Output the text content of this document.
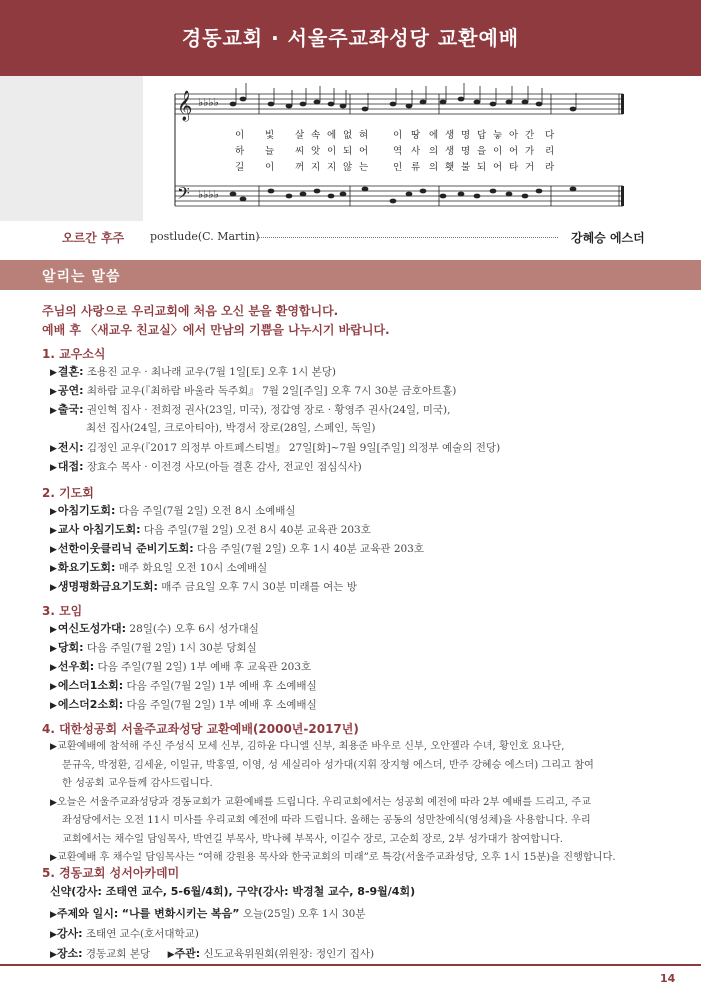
경동교회 · 서울주교좌성당 교환예배
𝄞
𝄢
♭♭♭♭
♭♭♭♭
이 빛 살 속 에 없 혀	이 땅 에 생 명 답 늫 아 간 다
하 늘 씨 앗 이 되 어	역 사 의 생 명 을 이 어 가 리
길 이 꺼 지 지 않 는	인 류 의 횃 불 되 어 타 거 라
오르간 후주 postlude(C. Martin)	강혜승 에스더
알리는 말씀
주님의 사랑으로 우리교회에 처음 오신 분을 환영합니다.
예배 후 〈새교우 친교실〉에서 만남의 기쁨을 나누시기 바랍니다.
1. 교우소식
▶결혼: 조용진 교우 · 최나래 교우(7월 1일[토] 오후 1시 본당)
▶공연: 최하람 교우(『최하람 바울라 독주회』 7월 2일[주일] 오후 7시 30분 금호아트홀)
▶출국: 권인혁 집사 · 전희정 권사(23일, 미국), 정갑영 장로 · 황영주 권사(24일, 미국),
최선 집사(24일, 크로아티아), 박경서 장로(28일, 스페인, 독일)
▶전시: 김정인 교우(『2017 의정부 아트페스티벌』 27일[화]~7월 9일[주일] 의정부 예술의 전당)
▶대접: 장효수 목사 · 이전경 사모(아들 결혼 감사, 전교인 점심식사)
2. 기도회
▶아침기도회: 다음 주일(7월 2일) 오전 8시 소예배실
▶교사 아침기도회: 다음 주일(7월 2일) 오전 8시 40분 교육관 203호
▶선한이웃클리닉 준비기도회: 다음 주일(7월 2일) 오후 1시 40분 교육관 203호
▶화요기도회: 매주 화요일 오전 10시 소예배실
▶생명평화금요기도회: 매주 금요일 오후 7시 30분 미래를 여는 방
3. 모임
▶여신도성가대: 28일(수) 오후 6시 성가대실
▶당회: 다음 주일(7월 2일) 1시 30분 당회실
▶선우회: 다음 주일(7월 2일) 1부 예배 후 교육관 203호
▶에스더1소회: 다음 주일(7월 2일) 1부 예배 후 소예배실
▶에스더2소회: 다음 주일(7월 2일) 1부 예배 후 소예배실
4. 대한성공회 서울주교좌성당 교환예배(2000년-2017년)
▶교환예배에 참석해 주신 주성식 모세 신부, 김하윤 다니엘 신부, 최용준 바우로 신부, 오안젤라 수녀, 황인호 요나단,
문규옥, 박정환, 김세윤, 이일규, 박홍열, 이영, 성 세실리아 성가대(지휘 장지형 에스더, 반주 강혜승 에스더) 그리고 참여
한 성공회 교우들께 감사드립니다.
▶오늘은 서울주교좌성당과 경동교회가 교환예배를 드립니다. 우리교회에서는 성공회 예전에 따라 2부 예배를 드리고, 주교
좌성당에서는 오전 11시 미사를 우리교회 예전에 따라 드립니다. 올해는 공동의 성만찬예식(영성체)을 사용합니다. 우리
교회에서는 채수일 담임목사, 박연길 부목사, 박나혜 부목사, 이길수 장로, 고순희 장로, 2부 성가대가 참여합니다.
▶교환예배 후 채수일 담임목사는 “여해 강원용 목사와 한국교회의 미래”로 특강(서울주교좌성당, 오후 1시 15분)을 진행합니다.
5. 경동교회 성서아카데미
신약(강사: 조태연 교수, 5-6월/4회), 구약(강사: 박경철 교수, 8-9월/4회)
▶주제와 일시: “나를 변화시키는 복음” 오늘(25일) 오후 1시 30분
▶강사: 조태연 교수(호서대학교)
▶장소: 경동교회 본당 ▶주관: 신도교육위원회(위원장: 정인기 집사)
14
